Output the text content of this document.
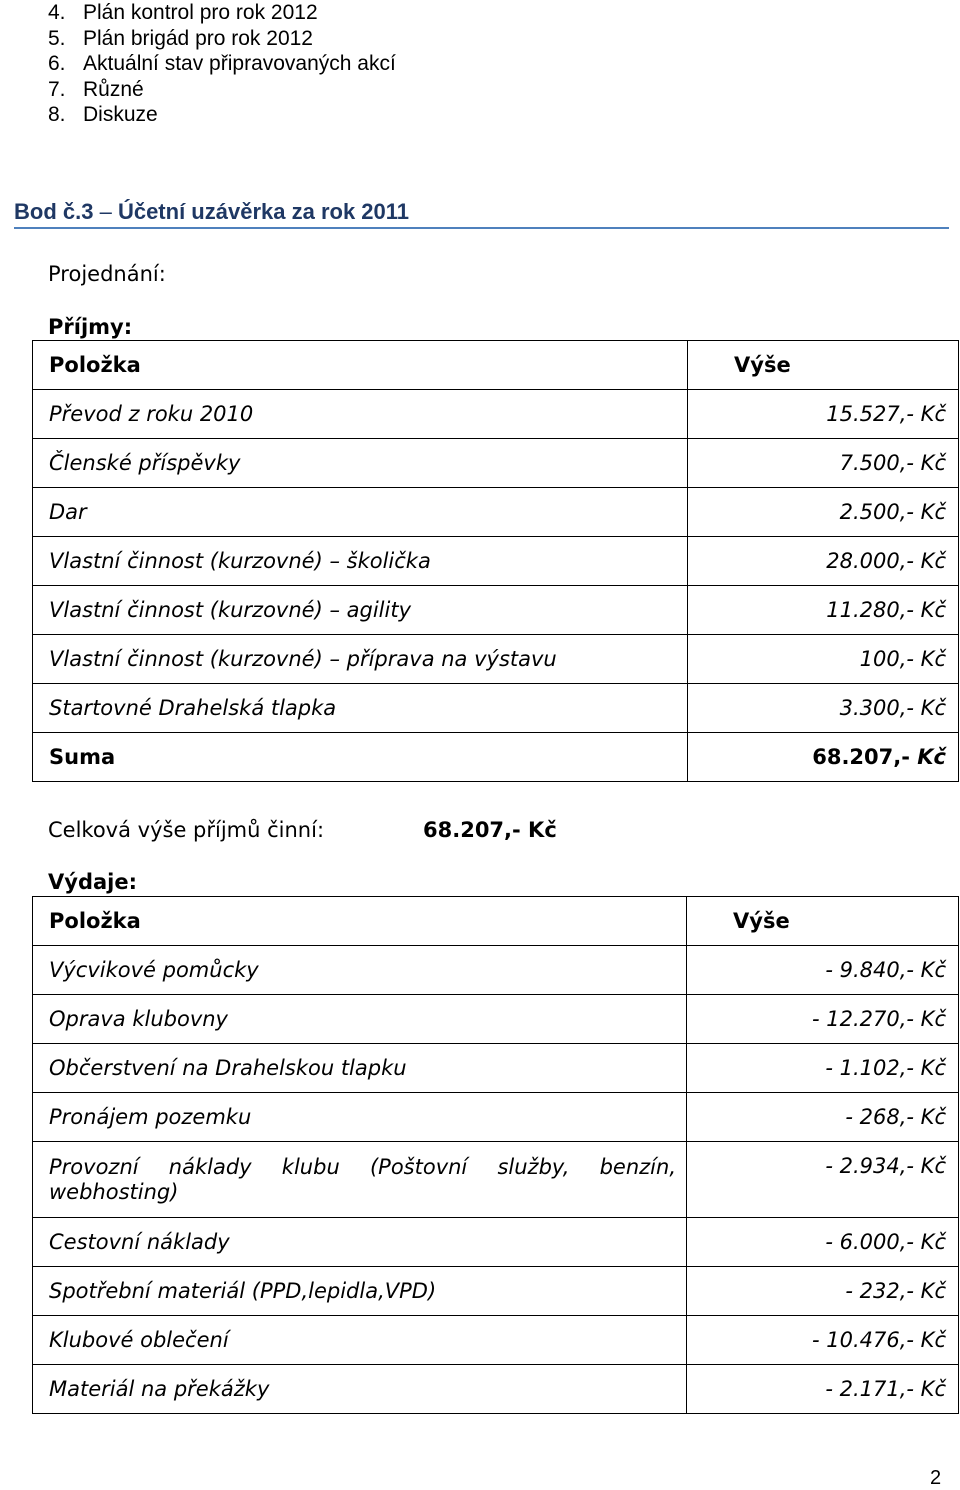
4. Plán kontrol pro rok 2012
5. Plán brigád pro rok 2012
6. Aktuální stav připravovaných akcí
7. Různé
8. Diskuze
Bod č.3 – Účetní uzávěrka za rok 2011
Projednání:
Příjmy:
Položka	Výše
Převod z roku 2010	15.527,- Kč
Členské příspěvky	7.500,- Kč
Dar	2.500,- Kč
Vlastní činnost (kurzovné) – školička	28.000,- Kč
Vlastní činnost (kurzovné) – agility	11.280,- Kč
Vlastní činnost (kurzovné) – příprava na výstavu	100,- Kč
Startovné Drahelská tlapka	3.300,- Kč
Suma	68.207,- Kč
Celková výše příjmů činní:	68.207,- Kč
Výdaje:
Položka	Výše
Výcvikové pomůcky	- 9.840,- Kč
Oprava klubovny	- 12.270,- Kč
Občerstvení na Drahelskou tlapku	- 1.102,- Kč
Pronájem pozemku	- 268,- Kč
Provozní náklady klubu (Poštovní služby, benzín, webhosting)	- 2.934,- Kč
Cestovní náklady	- 6.000,- Kč
Spotřební materiál (PPD,lepidla,VPD)	- 232,- Kč
Klubové oblečení	- 10.476,- Kč
Materiál na překážky	- 2.171,- Kč
2
